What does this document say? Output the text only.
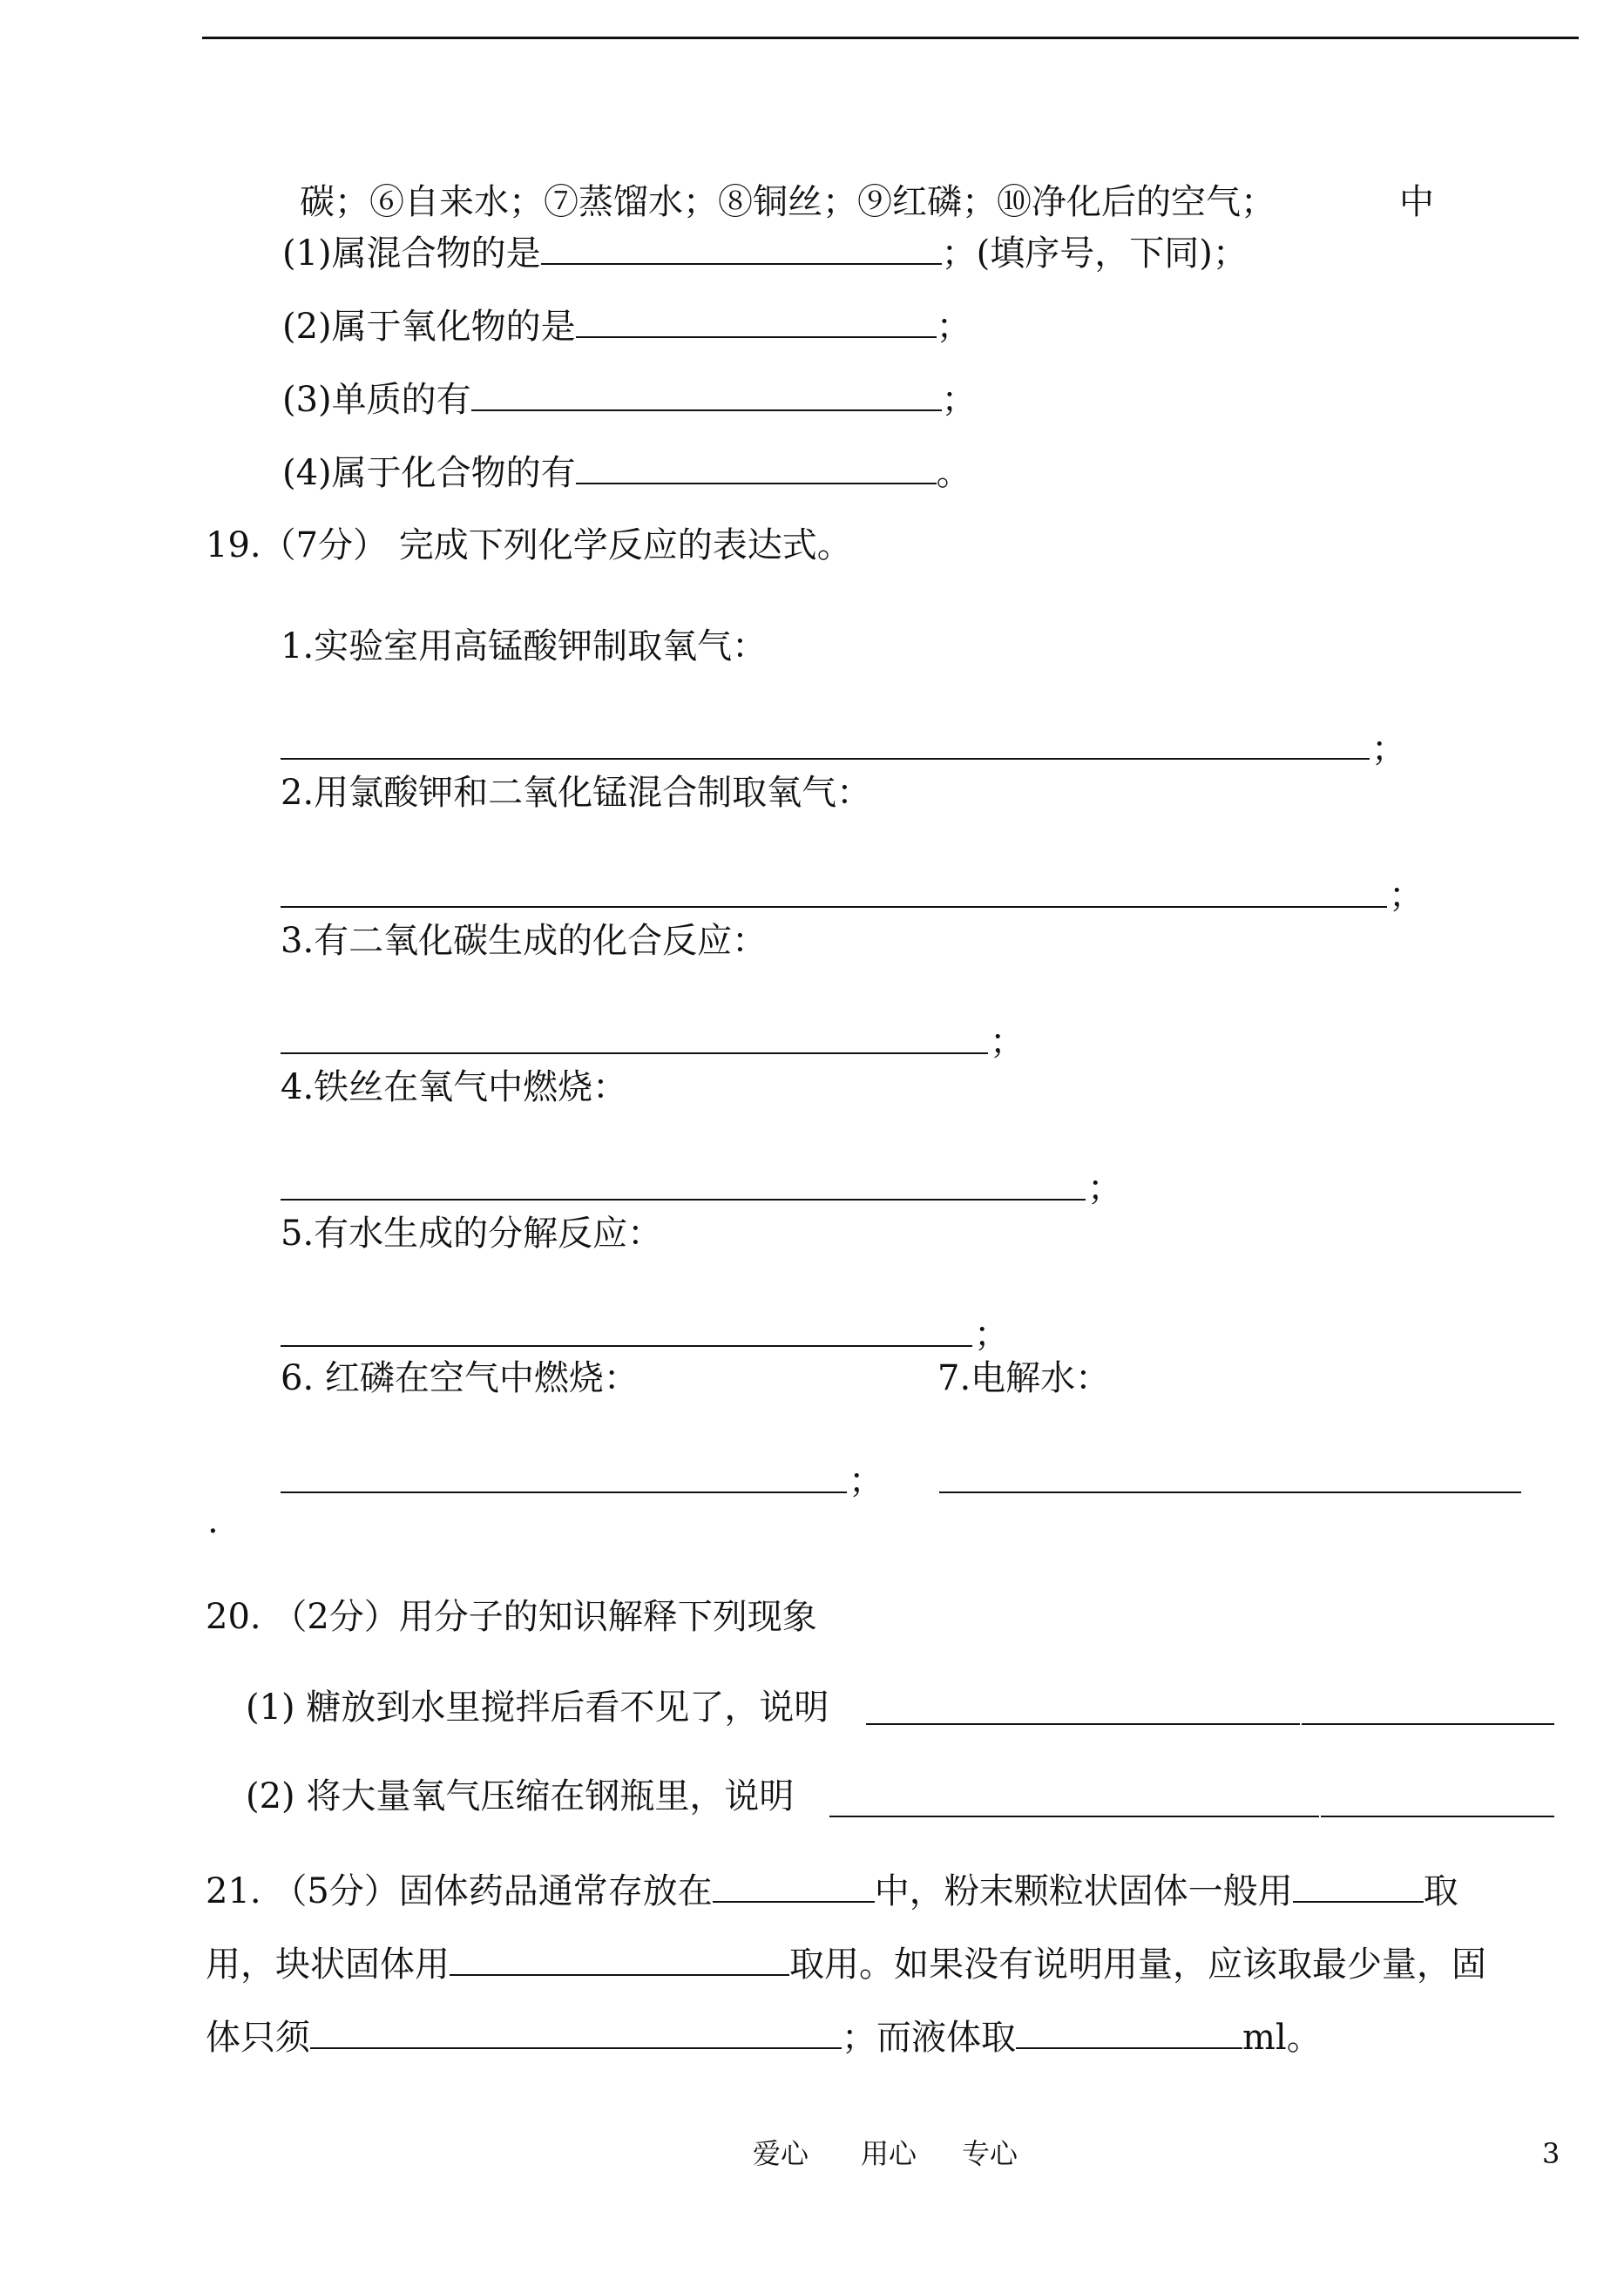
碳；⑥自来水；⑦蒸馏水；⑧铜丝；⑨红磷；⑩净化后的空气；	中
(1)属混合物的是	；(填序号，下同)；
(2)属于氧化物的是	；
(3)单质的有	；
(4)属于化合物的有	。
19.（7分） 完成下列化学反应的表达式。
1.实验室用高锰酸钾制取氧气：
；
2.用氯酸钾和二氧化锰混合制取氧气：
；
3.有二氧化碳生成的化合反应：
；
4.铁丝在氧气中燃烧：
；
5.有水生成的分解反应：
；
6. 红磷在空气中燃烧：	7.电解水：
；
.
20. （2分）用分子的知识解释下列现象
(1) 糖放到水里搅拌后看不见了，说明
(2) 将大量氧气压缩在钢瓶里，说明
21. （5分）固体药品通常存放在	中，粉末颗粒状固体一般用	取
用，块状固体用	取用。如果没有说明用量，应该取最少量，固
体只须	；而液体取	ml。
爱心 用心 专心	3
